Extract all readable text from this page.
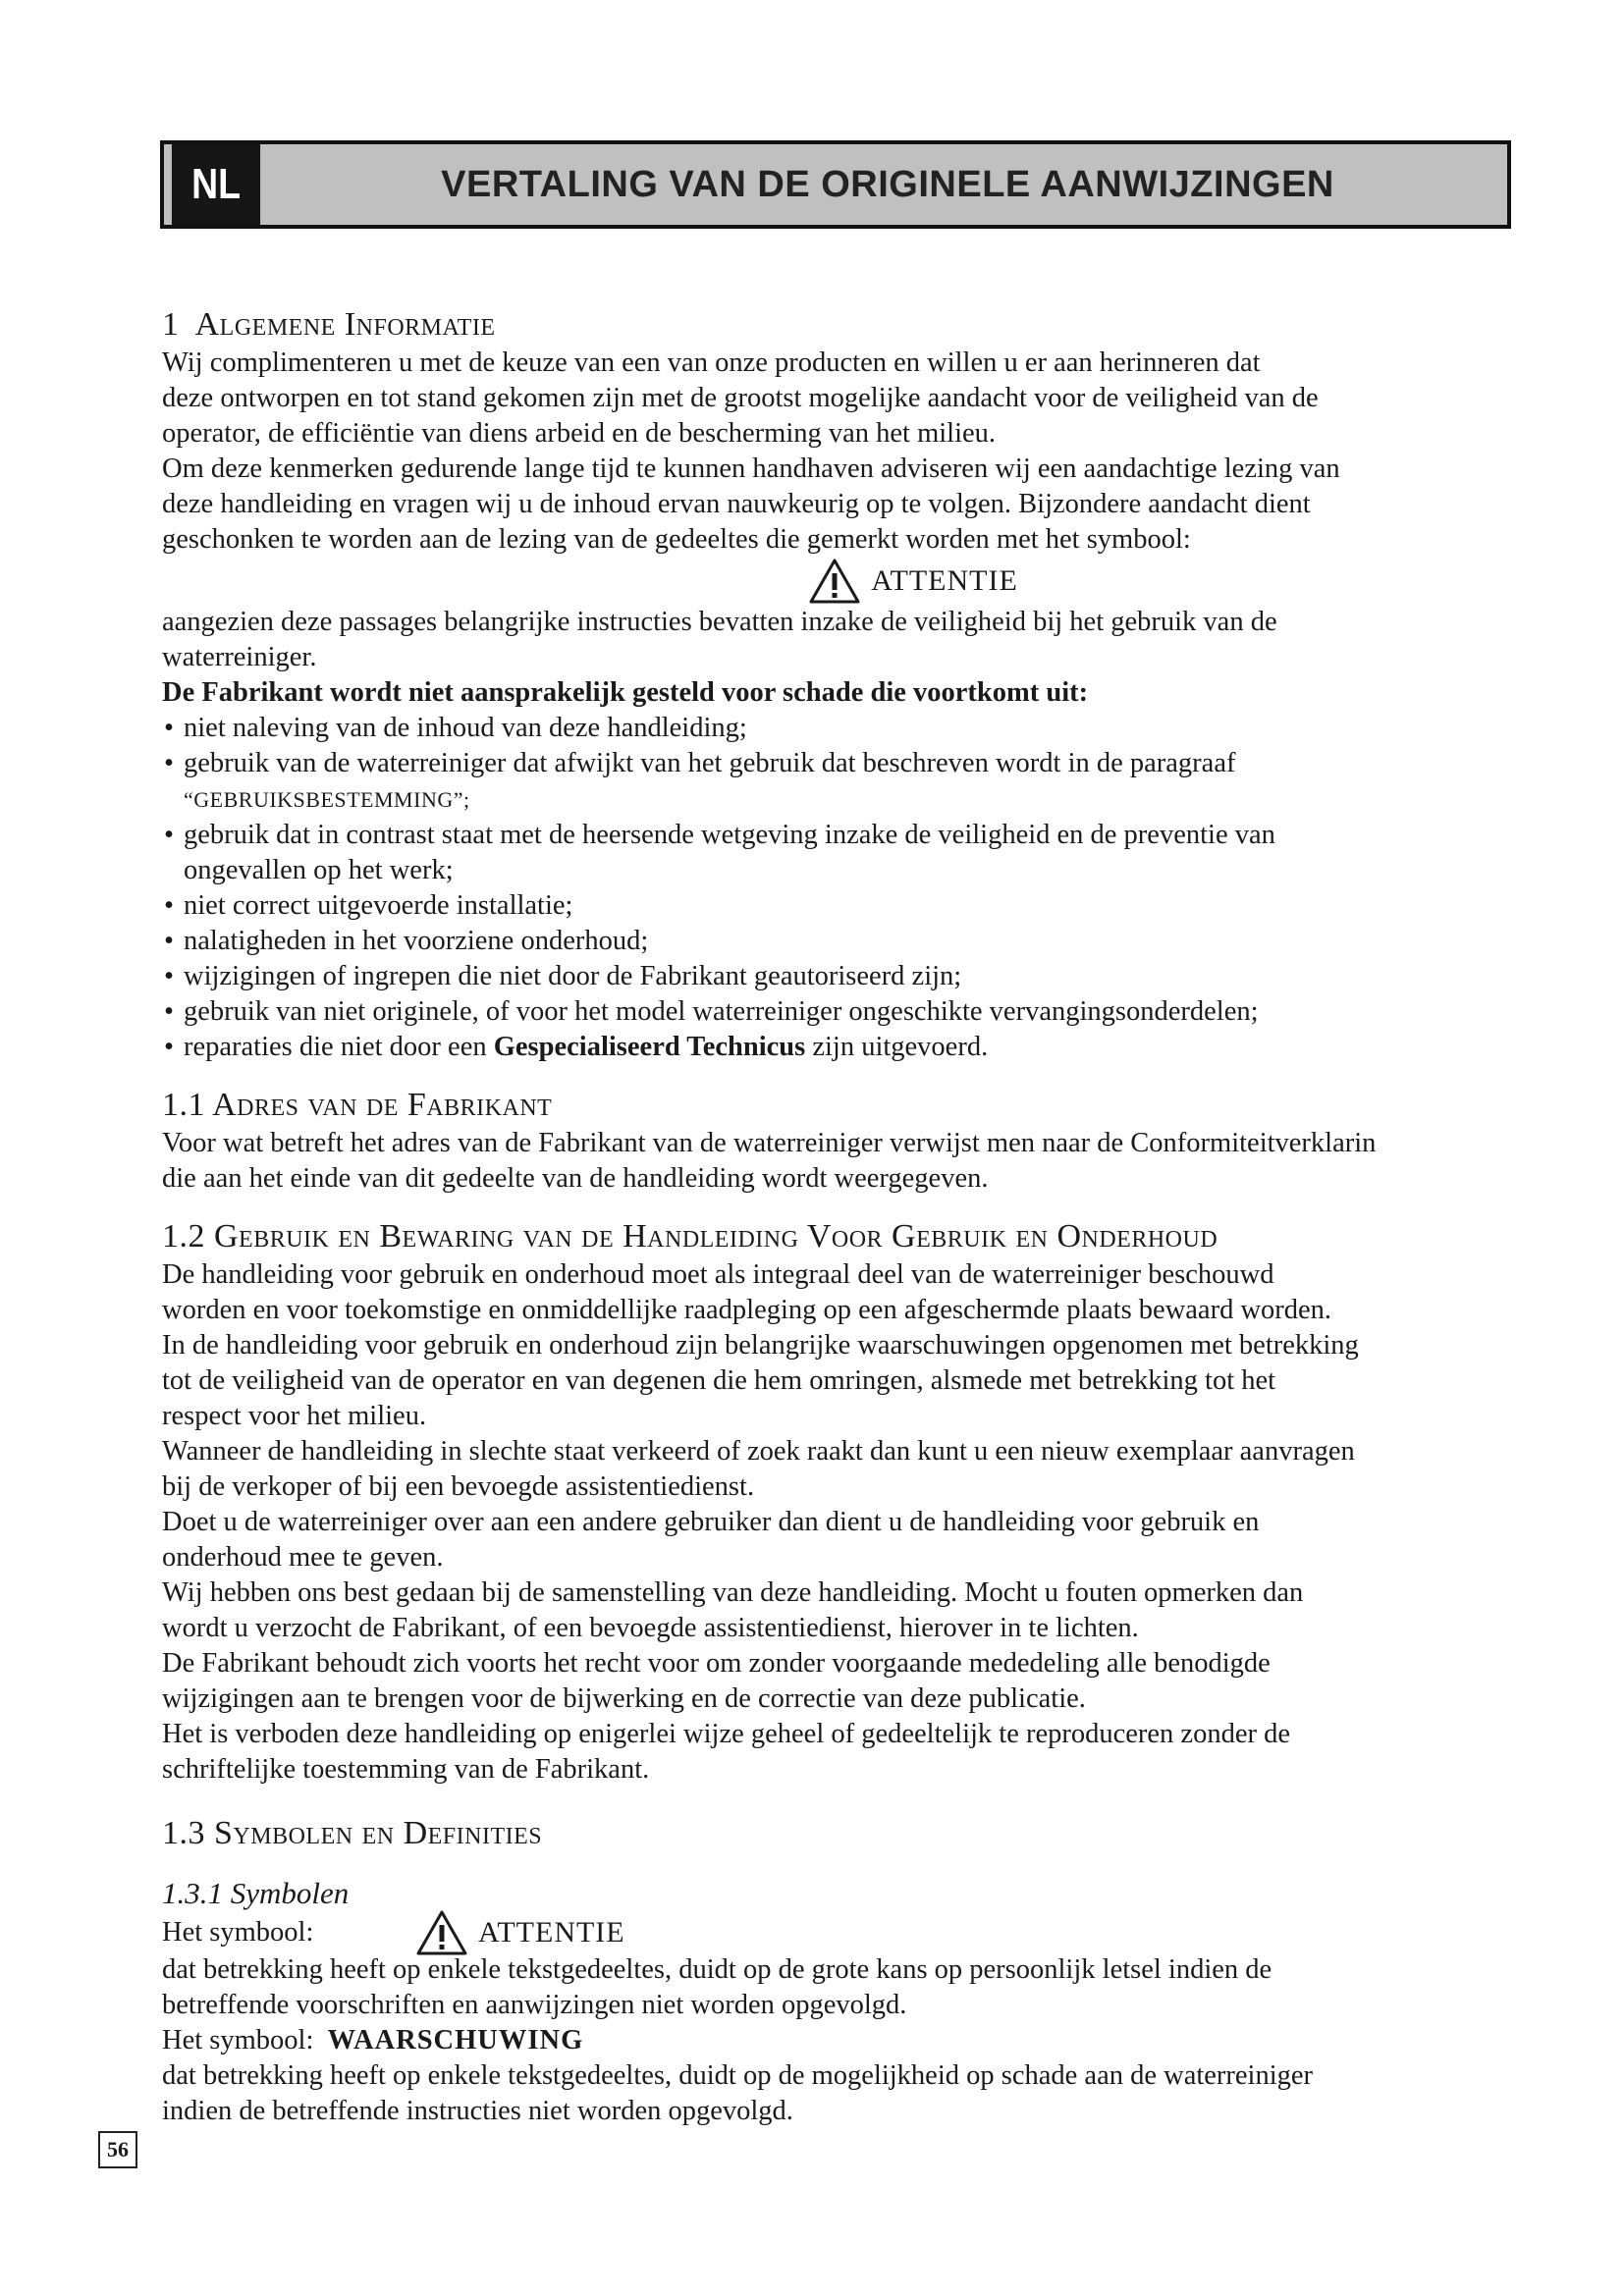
NL	VERTALING VAN DE ORIGINELE AANWIJZINGEN
1 Algemene Informatie

Wij complimenteren u met de keuze van een van onze producten en willen u er aan herinneren dat

deze ontworpen en tot stand gekomen zijn met de grootst mogelijke aandacht voor de veiligheid van de

operator, de efficiëntie van diens arbeid en de bescherming van het milieu.

Om deze kenmerken gedurende lange tijd te kunnen handhaven adviseren wij een aandachtige lezing van

deze handleiding en vragen wij u de inhoud ervan nauwkeurig op te volgen. Bijzondere aandacht dient

geschonken te worden aan de lezing van de gedeeltes die gemerkt worden met het symbool:

ATTENTIE

aangezien deze passages belangrijke instructies bevatten inzake de veiligheid bij het gebruik van de

waterreiniger.

De Fabrikant wordt niet aansprakelijk gesteld voor schade die voortkomt uit:

• niet naleving van de inhoud van deze handleiding;
• gebruik van de waterreiniger dat afwijkt van het gebruik dat beschreven wordt in de paragraaf
“GEBRUIKSBESTEMMING”;
• gebruik dat in contrast staat met de heersende wetgeving inzake de veiligheid en de preventie van
ongevallen op het werk;
• niet correct uitgevoerde installatie;
• nalatigheden in het voorziene onderhoud;
• wijzigingen of ingrepen die niet door de Fabrikant geautoriseerd zijn;
• gebruik van niet originele, of voor het model waterreiniger ongeschikte vervangingsonderdelen;
• reparaties die niet door een Gespecialiseerd Technicus zijn uitgevoerd.
1.1 Adres van de Fabrikant

Voor wat betreft het adres van de Fabrikant van de waterreiniger verwijst men naar de Conformiteitverklarin

die aan het einde van dit gedeelte van de handleiding wordt weergegeven.

1.2 Gebruik en Bewaring van de Handleiding Voor Gebruik en Onderhoud

De handleiding voor gebruik en onderhoud moet als integraal deel van de waterreiniger beschouwd

worden en voor toekomstige en onmiddellijke raadpleging op een afgeschermde plaats bewaard worden.

In de handleiding voor gebruik en onderhoud zijn belangrijke waarschuwingen opgenomen met betrekking

tot de veiligheid van de operator en van degenen die hem omringen, alsmede met betrekking tot het

respect voor het milieu.

Wanneer de handleiding in slechte staat verkeerd of zoek raakt dan kunt u een nieuw exemplaar aanvragen

bij de verkoper of bij een bevoegde assistentiedienst.

Doet u de waterreiniger over aan een andere gebruiker dan dient u de handleiding voor gebruik en

onderhoud mee te geven.

Wij hebben ons best gedaan bij de samenstelling van deze handleiding. Mocht u fouten opmerken dan

wordt u verzocht de Fabrikant, of een bevoegde assistentiedienst, hierover in te lichten.

De Fabrikant behoudt zich voorts het recht voor om zonder voorgaande mededeling alle benodigde

wijzigingen aan te brengen voor de bijwerking en de correctie van deze publicatie.

Het is verboden deze handleiding op enigerlei wijze geheel of gedeeltelijk te reproduceren zonder de

schriftelijke toestemming van de Fabrikant.

1.3 Symbolen en Definities
1.3.1 Symbolen
Het symbool:	ATTENTIE

dat betrekking heeft op enkele tekstgedeeltes, duidt op de grote kans op persoonlijk letsel indien de

betreffende voorschriften en aanwijzingen niet worden opgevolgd.

Het symbool: WAARSCHUWING

dat betrekking heeft op enkele tekstgedeeltes, duidt op de mogelijkheid op schade aan de waterreiniger

indien de betreffende instructies niet worden opgevolgd.

56
